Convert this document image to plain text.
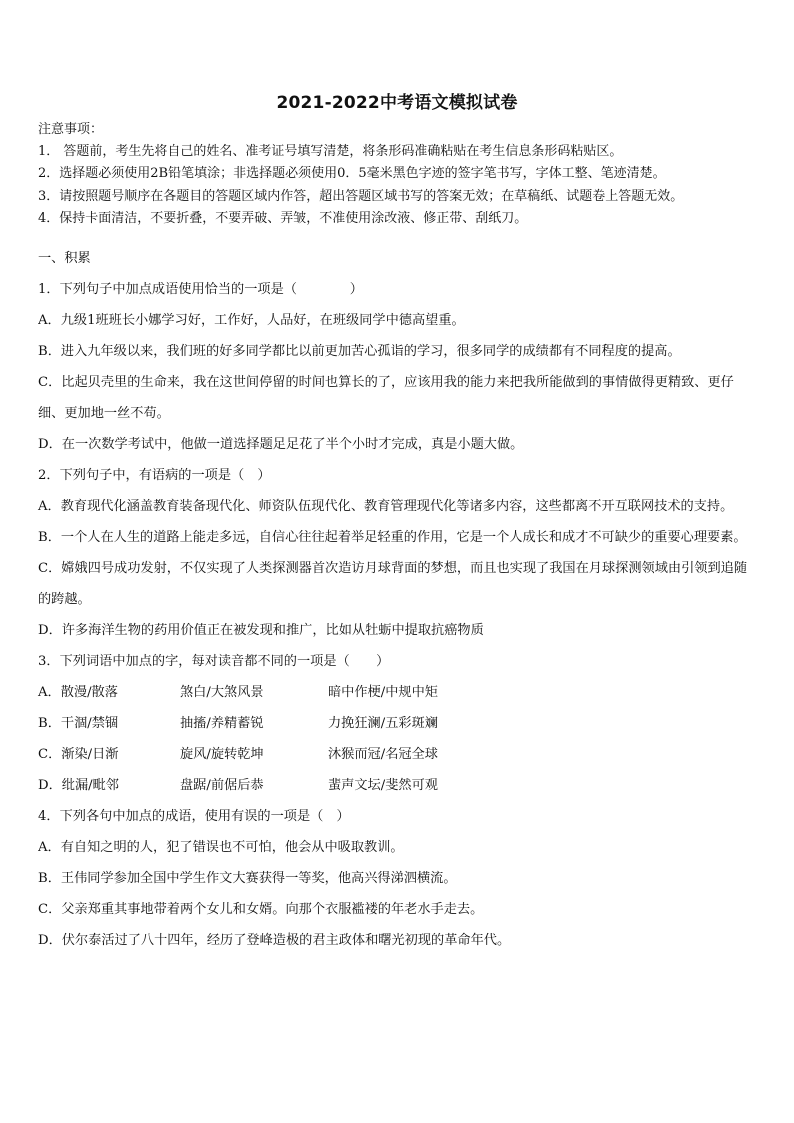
2021-2022中考语文模拟试卷
注意事项：
1． 答题前，考生先将自己的姓名、准考证号填写清楚，将条形码准确粘贴在考生信息条形码粘贴区。
2．选择题必须使用2B铅笔填涂；非选择题必须使用0．5毫米黑色字迹的签字笔书写，字体工整、笔迹清楚。
3．请按照题号顺序在各题目的答题区域内作答，超出答题区域书写的答案无效；在草稿纸、试题卷上答题无效。
4．保持卡面清洁，不要折叠，不要弄破、弄皱，不准使用涂改液、修正带、刮纸刀。
一、积累
1．下列句子中加点成语使用恰当的一项是（　　　　）
A．九级1班班长小娜学习好，工作好，人品好，在班级同学中德高望重。
B．进入九年级以来，我们班的好多同学都比以前更加苦心孤诣的学习，很多同学的成绩都有不同程度的提高。
C．比起贝壳里的生命来，我在这世间停留的时间也算长的了，应该用我的能力来把我所能做到的事情做得更精致、更仔细、更加地一丝不苟。
D．在一次数学考试中，他做一道选择题足足花了半个小时才完成，真是小题大做。
2．下列句子中，有语病的一项是（　）
A．教育现代化涵盖教育装备现代化、师资队伍现代化、教育管理现代化等诸多内容，这些都离不开互联网技术的支持。
B．一个人在人生的道路上能走多远，自信心往往起着举足轻重的作用，它是一个人成长和成才不可缺少的重要心理要素。
C．嫦娥四号成功发射，不仅实现了人类探测器首次造访月球背面的梦想，而且也实现了我国在月球探测领域由引领到追随的跨越。
D．许多海洋生物的药用价值正在被发现和推广，比如从牡蛎中提取抗癌物质
3．下列词语中加点的字，每对读音都不同的一项是（　　）
A．散漫/散落	煞白/大煞风景	暗中作梗/中规中矩
B．干涸/禁锢	抽搐/养精蓄锐	力挽狂澜/五彩斑斓
C．渐染/日渐	旋风/旋转乾坤	沐猴而冠/名冠全球
D．纰漏/毗邻	盘踞/前倨后恭	蜚声文坛/斐然可观
4．下列各句中加点的成语，使用有误的一项是（　）
A．有自知之明的人，犯了错误也不可怕，他会从中吸取教训。
B．王伟同学参加全国中学生作文大赛获得一等奖，他高兴得涕泗横流。
C．父亲郑重其事地带着两个女儿和女婿。向那个衣服褴褛的年老水手走去。
D．伏尔泰活过了八十四年，经历了登峰造极的君主政体和曙光初现的革命年代。
